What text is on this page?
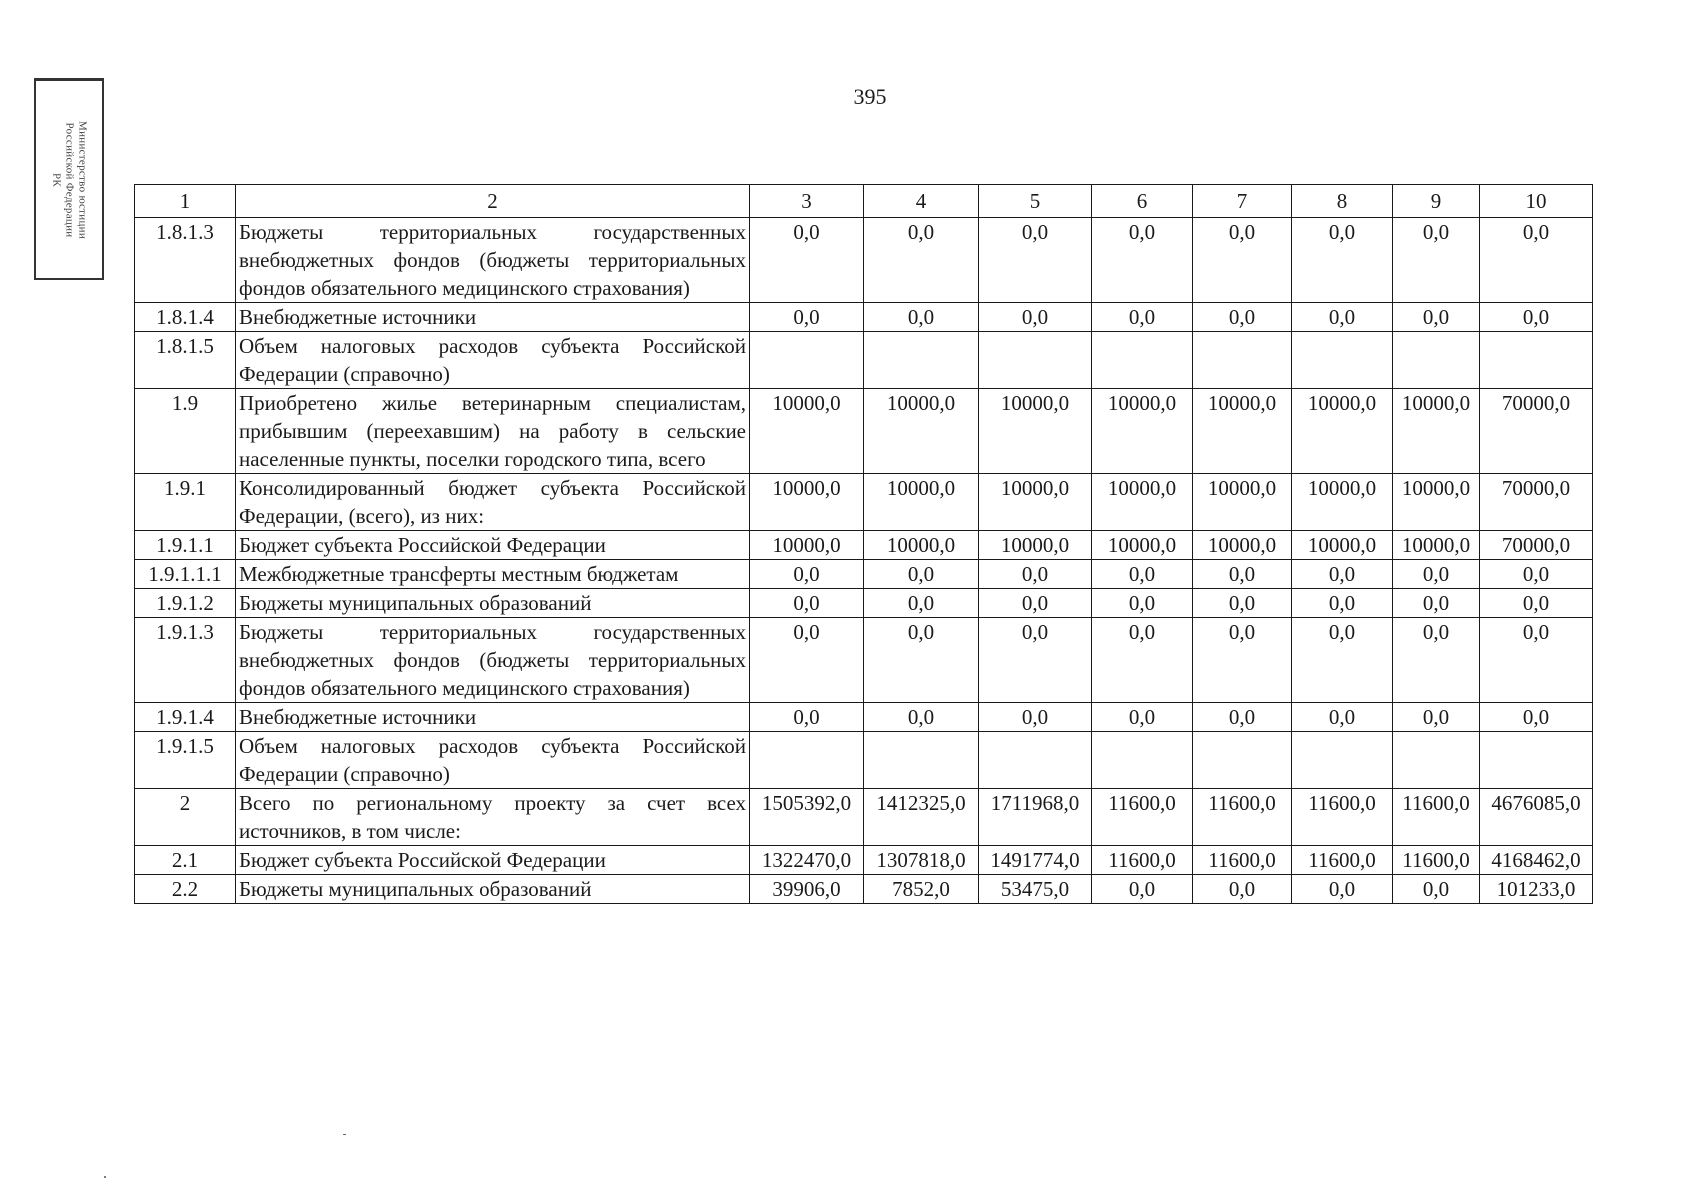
395
Министерство юстиции
Российской Федерации
РК
1	2	3	4	5	6	7	8	9	10
1.8.1.3	Бюджеты территориальных государственных внебюджетных фондов (бюджеты территориальных фондов обязательного медицинского страхования)	0,0	0,0	0,0	0,0	0,0	0,0	0,0	0,0
1.8.1.4	Внебюджетные источники	0,0	0,0	0,0	0,0	0,0	0,0	0,0	0,0
1.8.1.5	Объем налоговых расходов субъекта Российской Федерации (справочно)								
1.9	Приобретено жилье ветеринарным специалистам, прибывшим (переехавшим) на работу в сельские населенные пункты, поселки городского типа, всего	10000,0	10000,0	10000,0	10000,0	10000,0	10000,0	10000,0	70000,0
1.9.1	Консолидированный бюджет субъекта Российской Федерации, (всего), из них:	10000,0	10000,0	10000,0	10000,0	10000,0	10000,0	10000,0	70000,0
1.9.1.1	Бюджет субъекта Российской Федерации	10000,0	10000,0	10000,0	10000,0	10000,0	10000,0	10000,0	70000,0
1.9.1.1.1	Межбюджетные трансферты местным бюджетам	0,0	0,0	0,0	0,0	0,0	0,0	0,0	0,0
1.9.1.2	Бюджеты муниципальных образований	0,0	0,0	0,0	0,0	0,0	0,0	0,0	0,0
1.9.1.3	Бюджеты территориальных государственных внебюджетных фондов (бюджеты территориальных фондов обязательного медицинского страхования)	0,0	0,0	0,0	0,0	0,0	0,0	0,0	0,0
1.9.1.4	Внебюджетные источники	0,0	0,0	0,0	0,0	0,0	0,0	0,0	0,0
1.9.1.5	Объем налоговых расходов субъекта Российской Федерации (справочно)								
2	Всего по региональному проекту за счет всех источников, в том числе:	1505392,0	1412325,0	1711968,0	11600,0	11600,0	11600,0	11600,0	4676085,0
2.1	Бюджет субъекта Российской Федерации	1322470,0	1307818,0	1491774,0	11600,0	11600,0	11600,0	11600,0	4168462,0
2.2	Бюджеты муниципальных образований	39906,0	7852,0	53475,0	0,0	0,0	0,0	0,0	101233,0
